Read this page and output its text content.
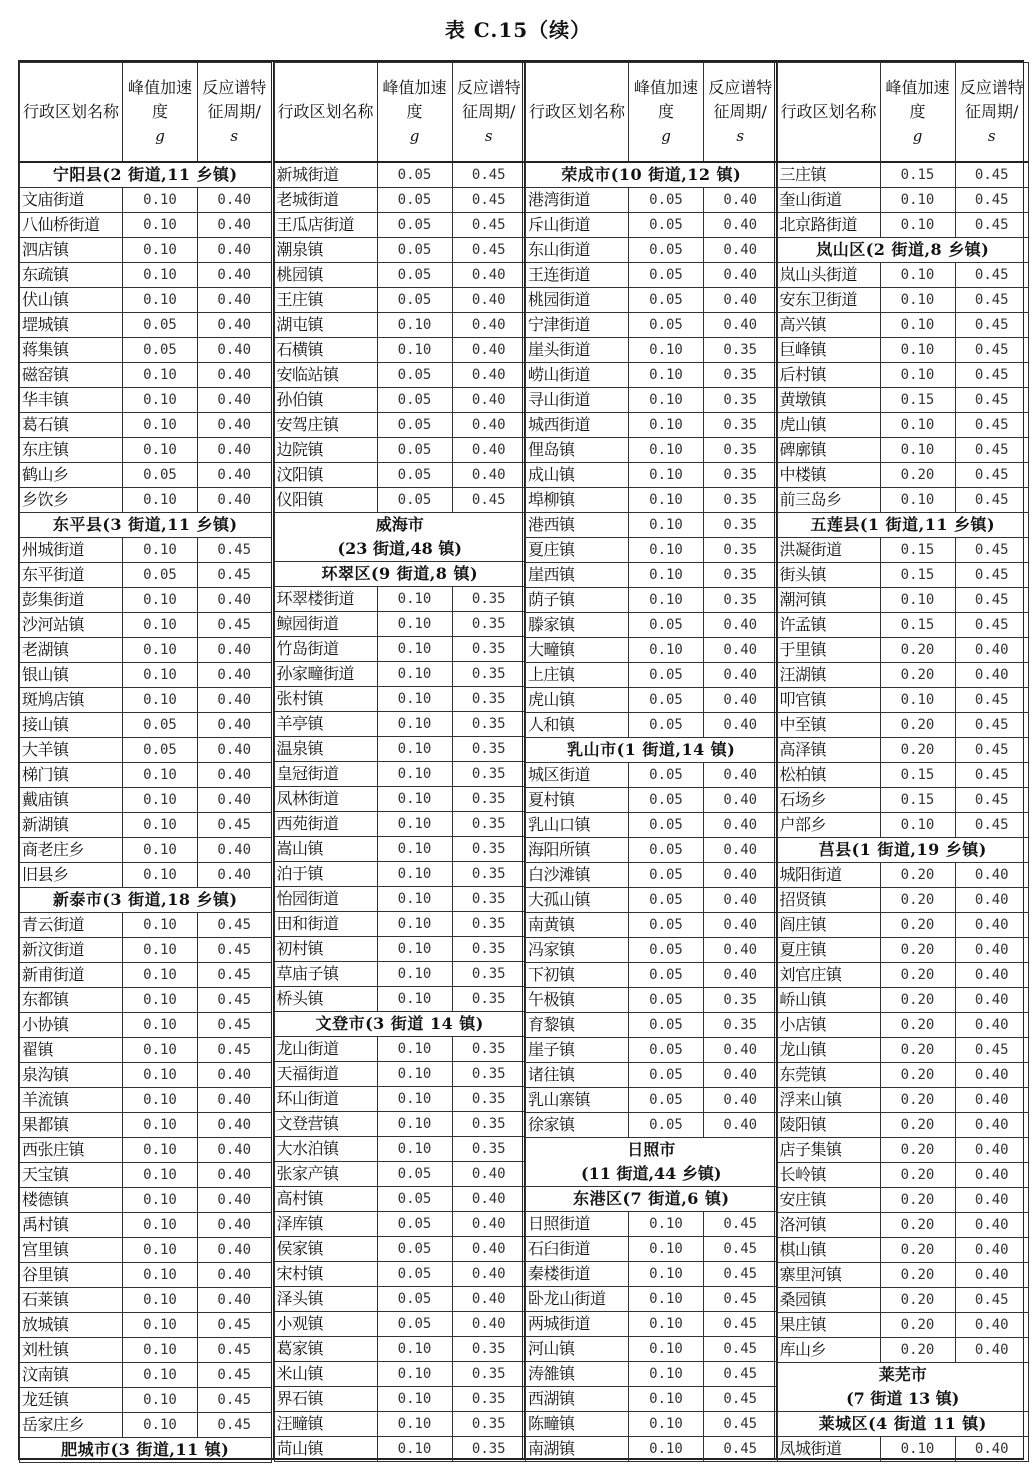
表 C.15（续）
行政区划名称	峰值加速度
g	反应谱特征周期/
s

宁阳县(2 街道,11 乡镇)		
文庙街道	0.10	0.40
八仙桥街道	0.10	0.40
泗店镇	0.10	0.40
东疏镇	0.10	0.40
伏山镇	0.10	0.40
堽城镇	0.05	0.40
蒋集镇	0.05	0.40
磁窑镇	0.10	0.40
华丰镇	0.10	0.40
葛石镇	0.10	0.40
东庄镇	0.10	0.40
鹤山乡	0.05	0.40
乡饮乡	0.10	0.40
东平县(3 街道,11 乡镇)		
州城街道	0.10	0.45
东平街道	0.05	0.45
彭集街道	0.10	0.40
沙河站镇	0.10	0.45
老湖镇	0.10	0.40
银山镇	0.10	0.40
斑鸠店镇	0.10	0.40
接山镇	0.05	0.40
大羊镇	0.05	0.40
梯门镇	0.10	0.40
戴庙镇	0.10	0.40
新湖镇	0.10	0.45
商老庄乡	0.10	0.40
旧县乡	0.10	0.40
新泰市(3 街道,18 乡镇)		
青云街道	0.10	0.45
新汶街道	0.10	0.45
新甫街道	0.10	0.45
东都镇	0.10	0.45
小协镇	0.10	0.45
翟镇	0.10	0.45
泉沟镇	0.10	0.40
羊流镇	0.10	0.40
果都镇	0.10	0.40
西张庄镇	0.10	0.40
天宝镇	0.10	0.40
楼德镇	0.10	0.40
禹村镇	0.10	0.40
宫里镇	0.10	0.40
谷里镇	0.10	0.40
石莱镇	0.10	0.40
放城镇	0.10	0.45
刘杜镇	0.10	0.45
汶南镇	0.10	0.45
龙廷镇	0.10	0.45
岳家庄乡	0.10	0.45
肥城市(3 街道,11 镇)		
行政区划名称	峰值加速度
g	反应谱特征周期/
s

新城街道	0.05	0.45
老城街道	0.05	0.45
王瓜店街道	0.05	0.45
潮泉镇	0.05	0.45
桃园镇	0.05	0.40
王庄镇	0.05	0.40
湖屯镇	0.10	0.40
石横镇	0.10	0.40
安临站镇	0.05	0.40
孙伯镇	0.05	0.40
安驾庄镇	0.05	0.40
边院镇	0.05	0.40
汶阳镇	0.05	0.40
仪阳镇	0.05	0.45
威海市		
(23 街道,48 镇)		
环翠区(9 街道,8 镇)		
环翠楼街道	0.10	0.35
鲸园街道	0.10	0.35
竹岛街道	0.10	0.35
孙家疃街道	0.10	0.35
张村镇	0.10	0.35
羊亭镇	0.10	0.35
温泉镇	0.10	0.35
皇冠街道	0.10	0.35
凤林街道	0.10	0.35
西苑街道	0.10	0.35
嵩山镇	0.10	0.35
泊于镇	0.10	0.35
怡园街道	0.10	0.35
田和街道	0.10	0.35
初村镇	0.10	0.35
草庙子镇	0.10	0.35
桥头镇	0.10	0.35
文登市(3 街道 14 镇)		
龙山街道	0.10	0.35
天福街道	0.10	0.35
环山街道	0.10	0.35
文登营镇	0.10	0.35
大水泊镇	0.10	0.35
张家产镇	0.05	0.40
高村镇	0.05	0.40
泽库镇	0.05	0.40
侯家镇	0.05	0.40
宋村镇	0.05	0.40
泽头镇	0.05	0.40
小观镇	0.05	0.40
葛家镇	0.10	0.35
米山镇	0.10	0.35
界石镇	0.10	0.35
汪疃镇	0.10	0.35
苘山镇	0.10	0.35
行政区划名称	峰值加速度
g	反应谱特征周期/
s

荣成市(10 街道,12 镇)		
港湾街道	0.05	0.40
斥山街道	0.05	0.40
东山街道	0.05	0.40
王连街道	0.05	0.40
桃园街道	0.05	0.40
宁津街道	0.05	0.40
崖头街道	0.10	0.35
崂山街道	0.10	0.35
寻山街道	0.10	0.35
城西街道	0.10	0.35
俚岛镇	0.10	0.35
成山镇	0.10	0.35
埠柳镇	0.10	0.35
港西镇	0.10	0.35
夏庄镇	0.10	0.35
崖西镇	0.10	0.35
荫子镇	0.10	0.35
滕家镇	0.05	0.40
大疃镇	0.10	0.40
上庄镇	0.05	0.40
虎山镇	0.05	0.40
人和镇	0.05	0.40
乳山市(1 街道,14 镇)		
城区街道	0.05	0.40
夏村镇	0.05	0.40
乳山口镇	0.05	0.40
海阳所镇	0.05	0.40
白沙滩镇	0.05	0.40
大孤山镇	0.05	0.40
南黄镇	0.05	0.40
冯家镇	0.05	0.40
下初镇	0.05	0.40
午极镇	0.05	0.35
育黎镇	0.05	0.35
崖子镇	0.05	0.40
诸往镇	0.05	0.40
乳山寨镇	0.05	0.40
徐家镇	0.05	0.40
日照市		
(11 街道,44 乡镇)		
东港区(7 街道,6 镇)		
日照街道	0.10	0.45
石臼街道	0.10	0.45
秦楼街道	0.10	0.45
卧龙山街道	0.10	0.45
两城街道	0.10	0.45
河山镇	0.10	0.45
涛雒镇	0.10	0.45
西湖镇	0.10	0.45
陈疃镇	0.10	0.45
南湖镇	0.10	0.45
行政区划名称	峰值加速度
g	反应谱特征周期/
s

三庄镇	0.15	0.45
奎山街道	0.10	0.45
北京路街道	0.10	0.45
岚山区(2 街道,8 乡镇)		
岚山头街道	0.10	0.45
安东卫街道	0.10	0.45
高兴镇	0.10	0.45
巨峰镇	0.10	0.45
后村镇	0.10	0.45
黄墩镇	0.15	0.45
虎山镇	0.10	0.45
碑廓镇	0.10	0.45
中楼镇	0.20	0.45
前三岛乡	0.10	0.45
五莲县(1 街道,11 乡镇)		
洪凝街道	0.15	0.45
街头镇	0.15	0.45
潮河镇	0.10	0.45
许孟镇	0.15	0.45
于里镇	0.20	0.40
汪湖镇	0.20	0.40
叩官镇	0.10	0.45
中至镇	0.20	0.45
高泽镇	0.20	0.45
松柏镇	0.15	0.45
石场乡	0.15	0.45
户部乡	0.10	0.45
莒县(1 街道,19 乡镇)		
城阳街道	0.20	0.40
招贤镇	0.20	0.40
阎庄镇	0.20	0.40
夏庄镇	0.20	0.40
刘官庄镇	0.20	0.40
峤山镇	0.20	0.40
小店镇	0.20	0.40
龙山镇	0.20	0.45
东莞镇	0.20	0.40
浮来山镇	0.20	0.40
陵阳镇	0.20	0.40
店子集镇	0.20	0.40
长岭镇	0.20	0.40
安庄镇	0.20	0.40
洛河镇	0.20	0.40
棋山镇	0.20	0.40
寨里河镇	0.20	0.40
桑园镇	0.20	0.45
果庄镇	0.20	0.40
库山乡	0.20	0.40
莱芜市		
(7 街道 13 镇)		
莱城区(4 街道 11 镇)		
凤城街道	0.10	0.40
